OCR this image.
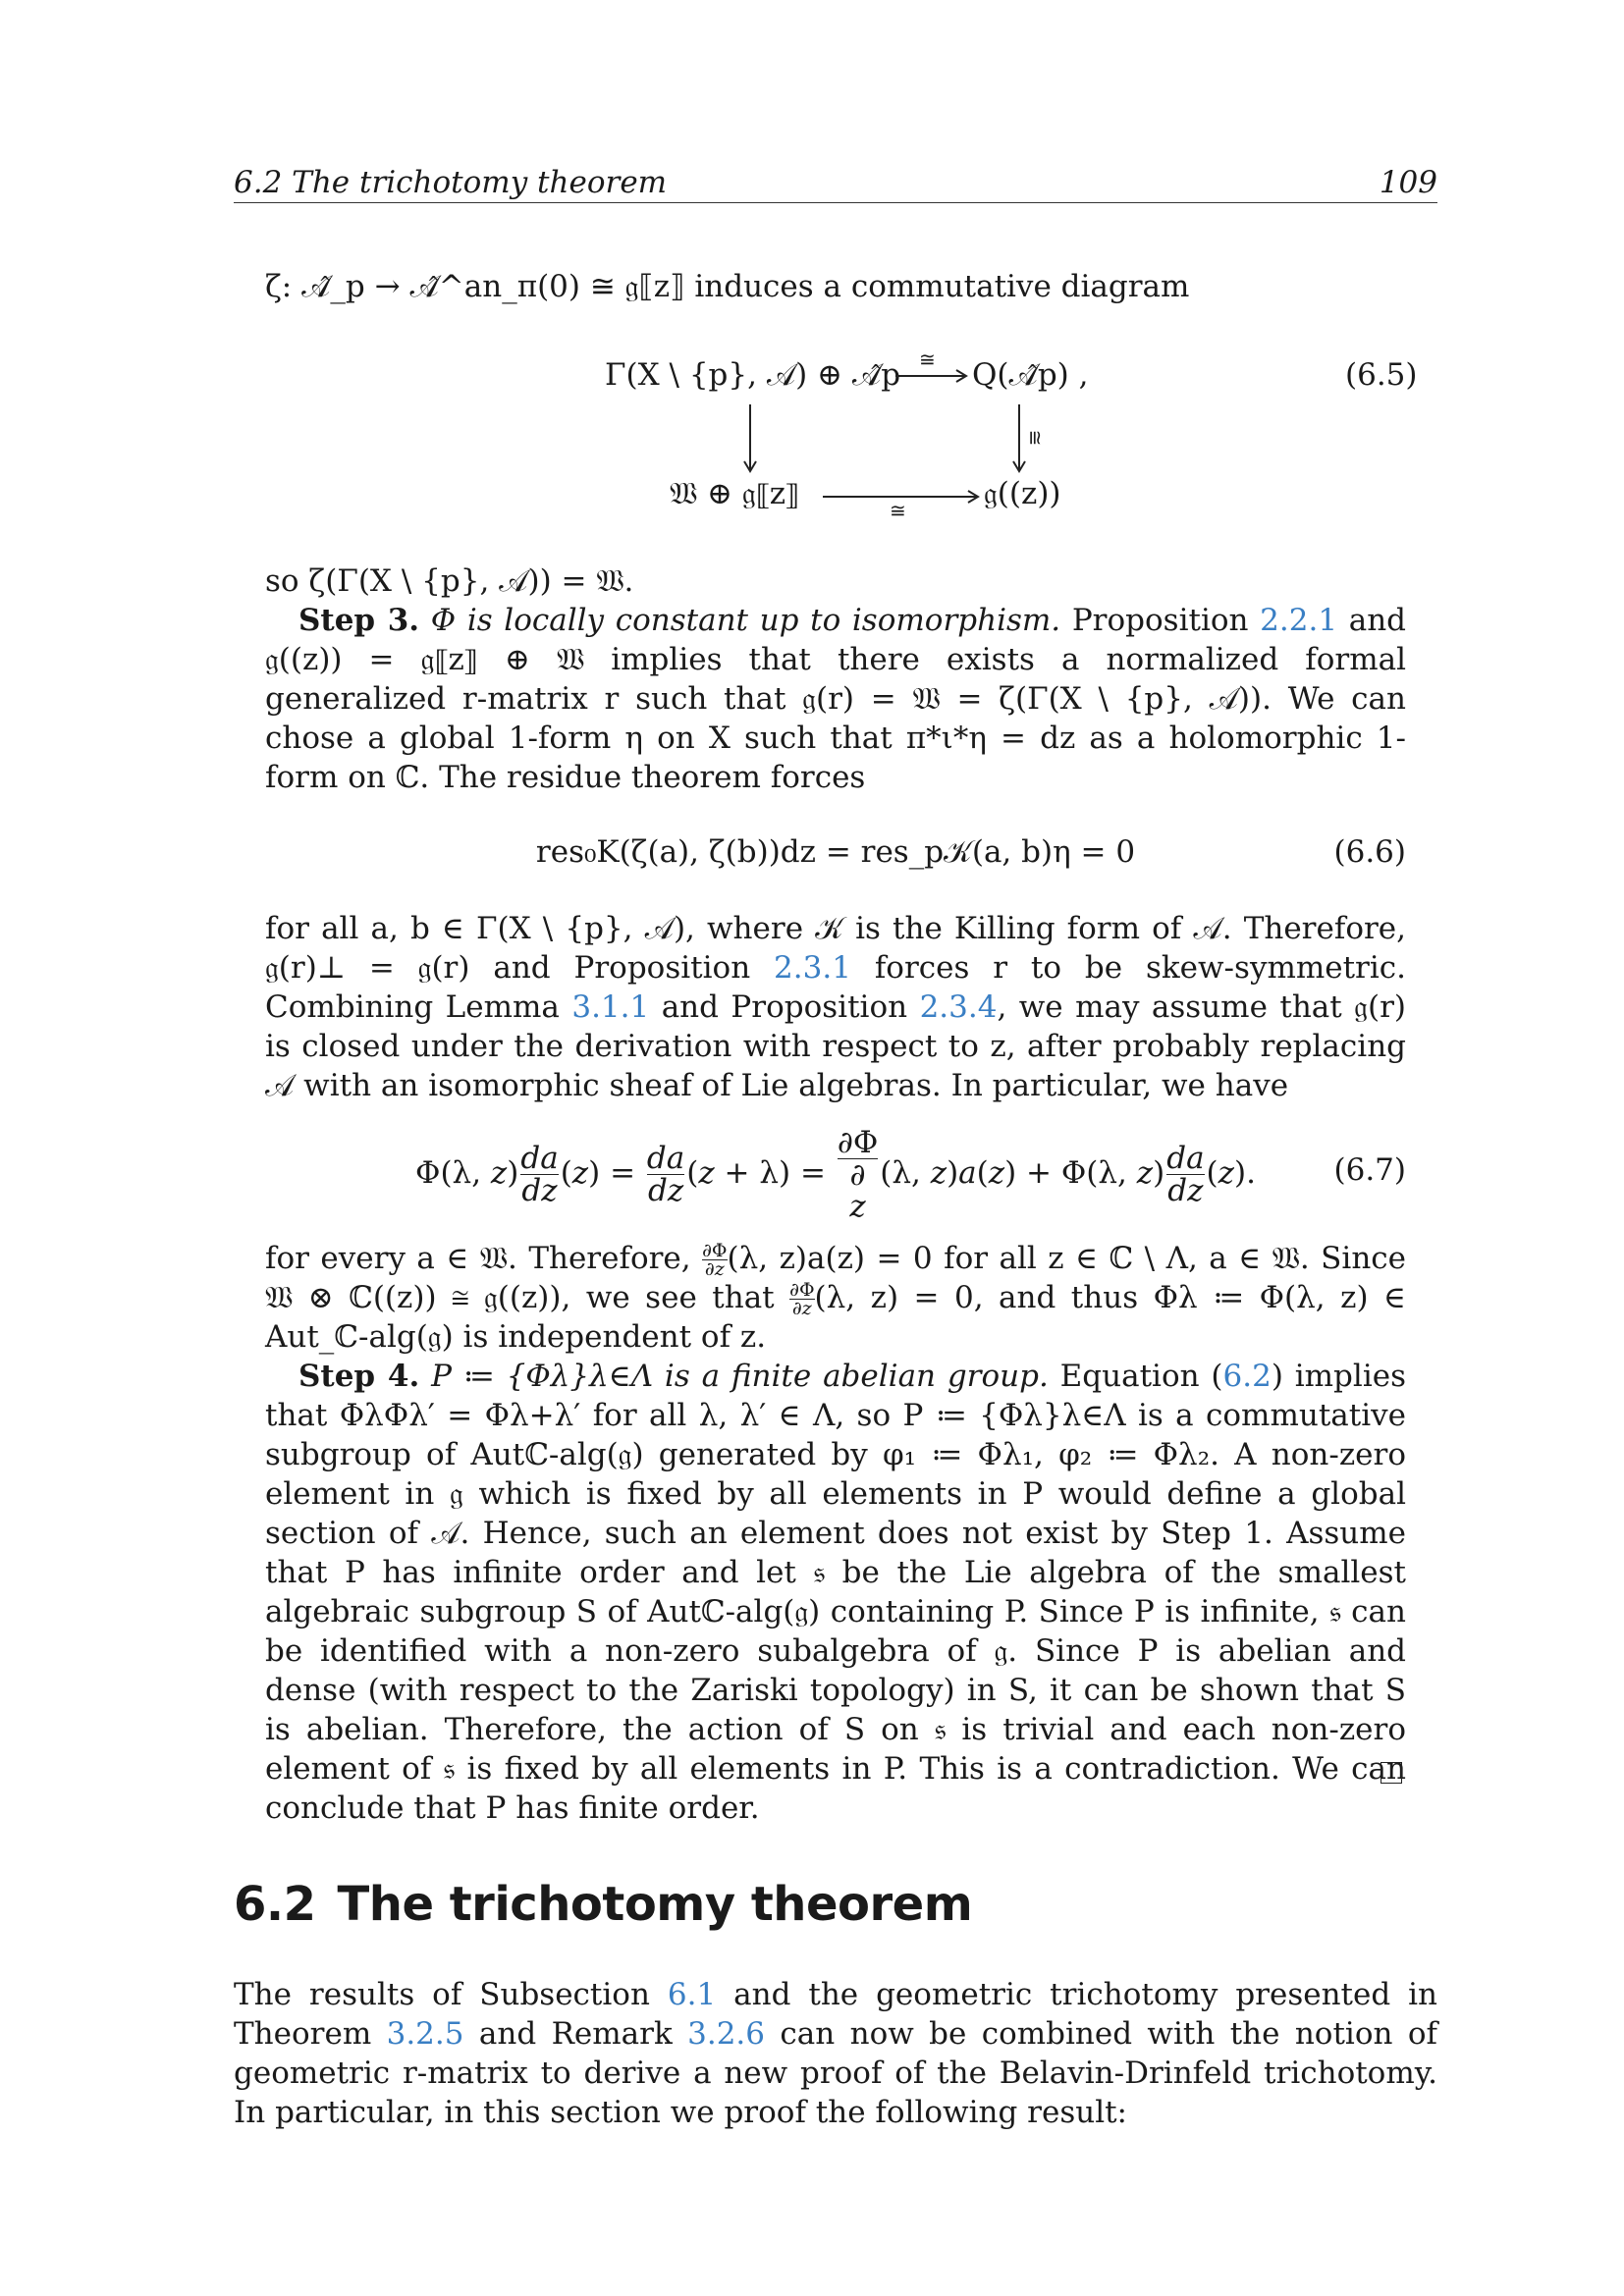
6.2 The trichotomy theorem	109
ζ: 𝒜̂_p → 𝒜̂^an_π(0) ≅ 𝔤⟦z⟧ induces a commutative diagram
Γ(X \ {p}, 𝒜) ⊕ 𝒜̂p Q(𝒜̂p) ,
𝔚 ⊕ 𝔤⟦z⟧	𝔤((z))
≅
≅
≅
(6.5)

so ζ(Γ(X \ {p}, 𝒜)) = 𝔚.

Step 3. Φ is locally constant up to isomorphism. Proposition 2.2.1 and 𝔤((z)) = 𝔤⟦z⟧ ⊕ 𝔚 implies that there exists a normalized formal generalized r-matrix r such that 𝔤(r) = 𝔚 = ζ(Γ(X \ {p}, 𝒜)). We can chose a global 1-form η on X such that π*ι*η = dz as a holomorphic 1-form on ℂ. The residue theorem forces

res₀K(ζ(a), ζ(b))dz = res_p𝒦(a, b)η = 0	(6.6)

for all a, b ∈ Γ(X \ {p}, 𝒜), where 𝒦 is the Killing form of 𝒜. Therefore, 𝔤(r)⊥ = 𝔤(r) and Proposition 2.3.1 forces r to be skew-symmetric. Combining Lemma 3.1.1 and Proposition 2.3.4, we may assume that 𝔤(r) is closed under the derivation with respect to z, after probably replacing 𝒜 with an isomorphic sheaf of Lie algebras. In particular, we have

Φ(λ, $z) \frac{da}{dz} (z) = \frac{da}{dz} (z + \lambda) = \partial\Phi$
∂
z (λ, z)a(z) + Φ(λ, $z) \frac{da}{dz} (z)$.	(6.7)

for every a ∈ 𝔚. Therefore, $\frac{\partial\Phi}{\partial z} (\lambda$, z)a(z) = 0 for all z ∈ ℂ \ Λ, a ∈ 𝔚. Since 𝔚 ⊗ ℂ((z)) ≅ 𝔤((z)), we see that $\frac{\partial\Phi}{\partial z} (\lambda$, z) = 0, and thus Φλ ≔ Φ(λ, z) ∈ Aut_ℂ-alg(𝔤) is independent of z.

Step 4. P ≔ {Φλ}λ∈Λ is a finite abelian group. Equation (6.2) implies that ΦλΦλ′ = Φλ+λ′ for all λ, λ′ ∈ Λ, so P ≔ {Φλ}λ∈Λ is a commutative subgroup of Autℂ-alg(𝔤) generated by φ₁ ≔ Φλ₁, φ₂ ≔ Φλ₂. A non-zero element in 𝔤 which is fixed by all elements in P would define a global section of 𝒜. Hence, such an element does not exist by Step 1. Assume that P has infinite order and let 𝔰 be the Lie algebra of the smallest algebraic subgroup S of Autℂ-alg(𝔤) containing P. Since P is infinite, 𝔰 can be identified with a non-zero subalgebra of 𝔤. Since P is abelian and dense (with respect to the Zariski topology) in S, it can be shown that S is abelian. Therefore, the action of S on 𝔰 is trivial and each non-zero element of 𝔰 is fixed by all elements in P. This is a contradiction. We can conclude that P has finite order.

6.2 The trichotomy theorem

The results of Subsection 6.1 and the geometric trichotomy presented in Theorem 3.2.5 and Remark 3.2.6 can now be combined with the notion of geometric r-matrix to derive a new proof of the Belavin-Drinfeld trichotomy. In particular, in this section we proof the following result:
